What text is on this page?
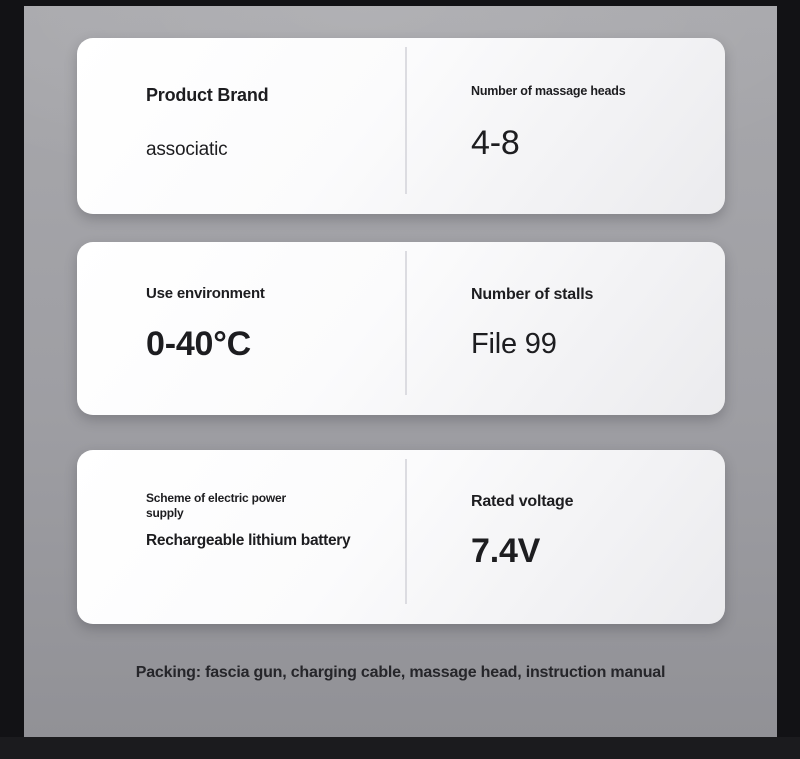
Product Brand
associatic
Number of massage heads
4-8
Use environment
0-40°C
Number of stalls
File 99
Scheme of electric power supply
Rechargeable lithium battery
Rated voltage
7.4V
Packing: fascia gun, charging cable, massage head, instruction manual
